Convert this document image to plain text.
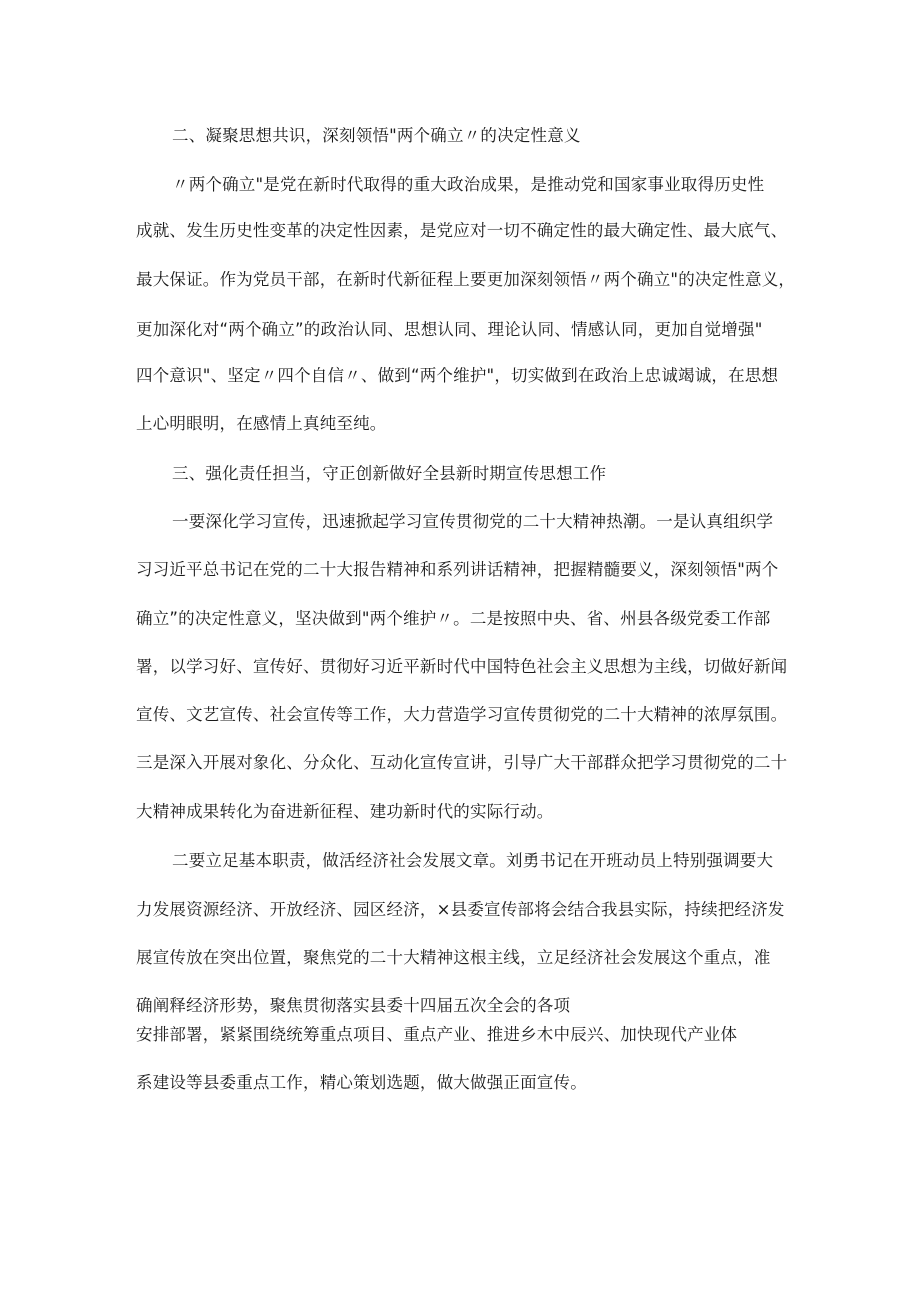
二、凝聚思想共识，深刻领悟"两个确立〃的决定性意义
〃两个确立"是党在新时代取得的重大政治成果，是推动党和国家事业取得历史性
成就、发生历史性变革的决定性因素，是党应对一切不确定性的最大确定性、最大底气、
最大保证。作为党员干部，在新时代新征程上要更加深刻领悟〃两个确立"的决定性意义，
更加深化对“两个确立”的政治认同、思想认同、理论认同、情感认同，更加自觉增强"
四个意识"、坚定〃四个自信〃、做到“两个维护"，切实做到在政治上忠诚竭诚，在思想
上心明眼明，在感情上真纯至纯。
三、强化责任担当，守正创新做好全县新时期宣传思想工作
一要深化学习宣传，迅速掀起学习宣传贯彻党的二十大精神热潮。一是认真组织学
习习近平总书记在党的二十大报告精神和系列讲话精神，把握精髓要义，深刻领悟"两个
确立”的决定性意义，坚决做到"两个维护〃。二是按照中央、省、州县各级党委工作部
署，以学习好、宣传好、贯彻好习近平新时代中国特色社会主义思想为主线，切做好新闻
宣传、文艺宣传、社会宣传等工作，大力营造学习宣传贯彻党的二十大精神的浓厚氛围。
三是深入开展对象化、分众化、互动化宣传宣讲，引导广大干部群众把学习贯彻党的二十
大精神成果转化为奋进新征程、建功新时代的实际行动。
二要立足基本职责，做活经济社会发展文章。刘勇书记在开班动员上特别强调要大
力发展资源经济、开放经济、园区经济，×县委宣传部将会结合我县实际，持续把经济发
展宣传放在突出位置，聚焦党的二十大精神这根主线，立足经济社会发展这个重点，准
确阐释经济形势，聚焦贯彻落实县委十四届五次全会的各项
安排部署，紧紧围绕统筹重点项目、重点产业、推进乡木中辰兴、加快现代产业体
系建设等县委重点工作，精心策划选题，做大做强正面宣传。
